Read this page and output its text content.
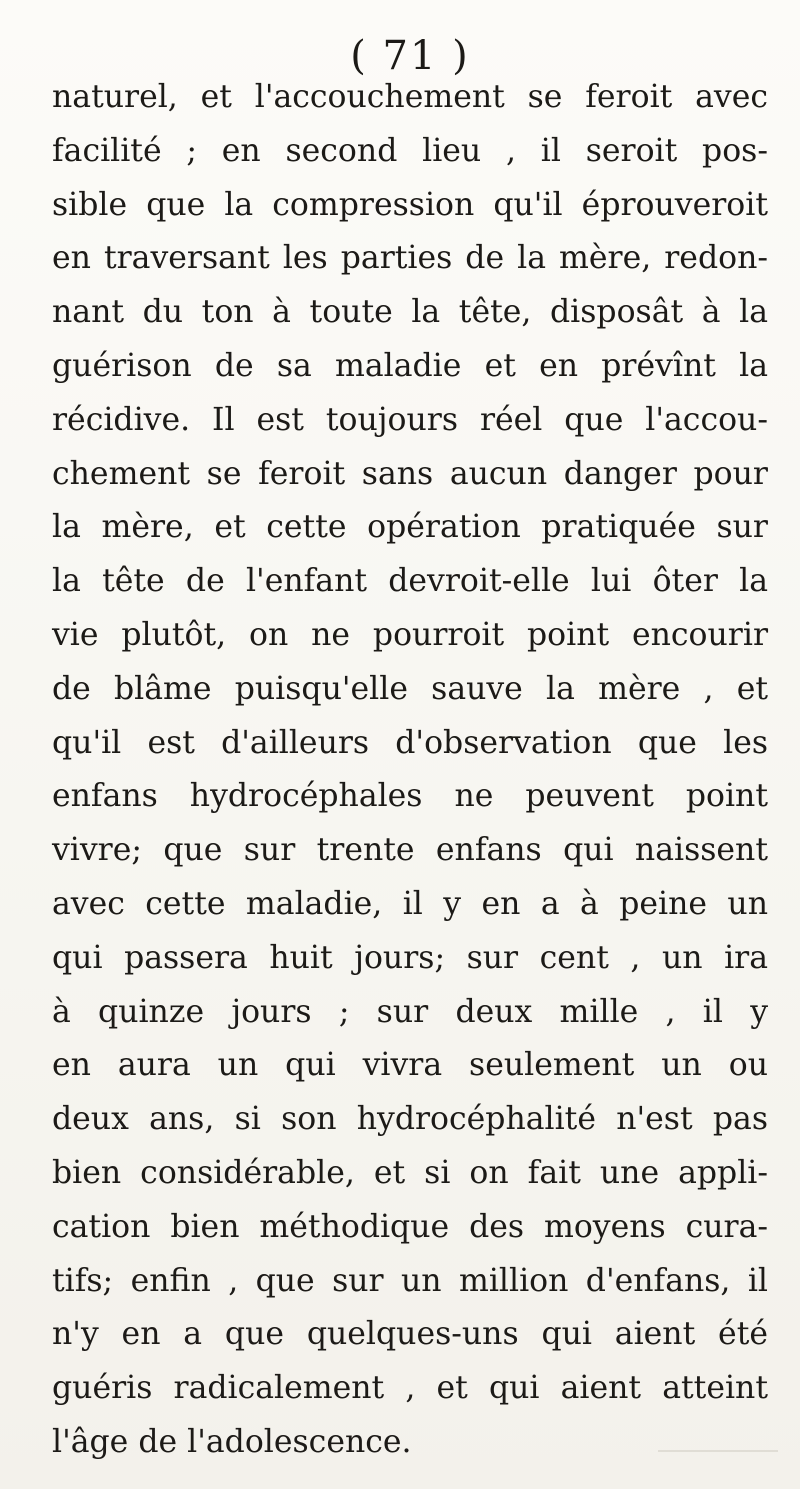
( 71 )
naturel, et l'accouchement se feroit avec
facilité ; en second lieu , il seroit pos-
sible que la compression qu'il éprouveroit
en traversant les parties de la mère, redon-
nant du ton à toute la tête, disposât à la
guérison de sa maladie et en prévînt la
récidive. Il est toujours réel que l'accou-
chement se feroit sans aucun danger pour
la mère, et cette opération pratiquée sur
la tête de l'enfant devroit-elle lui ôter la
vie plutôt, on ne pourroit point encourir
de blâme puisqu'elle sauve la mère , et
qu'il est d'ailleurs d'observation que les
enfans hydrocéphales ne peuvent point
vivre; que sur trente enfans qui naissent
avec cette maladie, il y en a à peine un
qui passera huit jours; sur cent , un ira
à quinze jours ; sur deux mille , il y
en aura un qui vivra seulement un ou
deux ans, si son hydrocéphalité n'est pas
bien considérable, et si on fait une appli-
cation bien méthodique des moyens cura-
tifs; enfin , que sur un million d'enfans, il
n'y en a que quelques-uns qui aient été
guéris radicalement , et qui aient atteint
l'âge de l'adolescence.
